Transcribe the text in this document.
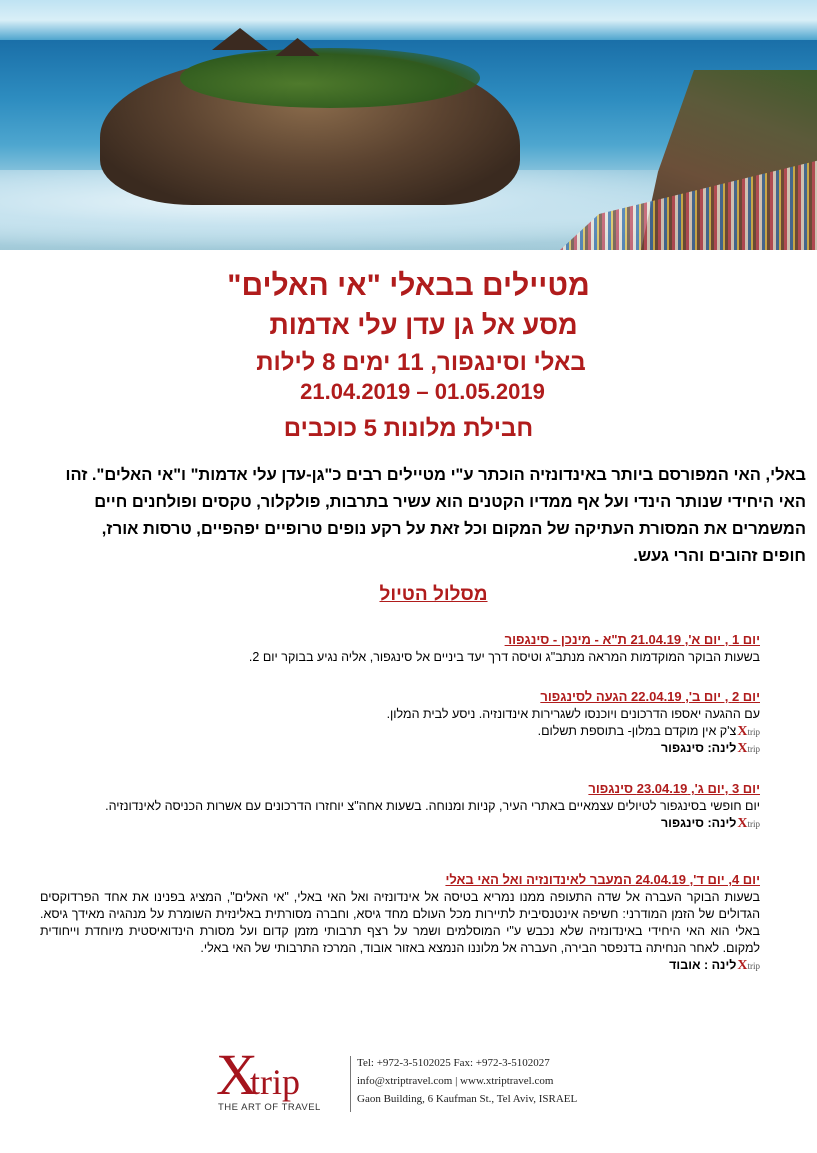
מטיילים בבאלי "אי האלים"
מסע אל גן עדן עלי אדמות
באלי וסינגפור, 11 ימים 8 לילות
21.04.2019 – 01.05.2019
חבילת מלונות 5 כוכבים

באלי, האי המפורסם ביותר באינדונזיה הוכתר ע"י מטיילים רבים כ"גן-עדן עלי אדמות" ו"אי האלים". זהו האי היחידי שנותר הינדי ועל אף ממדיו הקטנים הוא עשיר בתרבות, פולקלור, טקסים ופולחנים חיים המשמרים את המסורת העתיקה של המקום וכל זאת על רקע נופים טרופיים יפהפיים, טרסות אורז, חופים זהובים והרי געש.

מסלול הטיול
יום 1 , יום א', 21.04.19 ת"א - מינכן - סינגפור

בשעות הבוקר המוקדמות המראה מנתב"ג וטיסה דרך יעד ביניים אל סינגפור, אליה נגיע בבוקר יום 2.

יום 2 , יום ב', 22.04.19 הגעה לסינגפור

עם ההגעה יאספו הדרכונים ויוכנסו לשגרירות אינדונזיה. ניסע לבית המלון.

X trip
צ'ק אין מוקדם במלון- בתוספת תשלום.
X trip
לינה: סינגפור
יום 3 ,יום ג', 23.04.19 סינגפור

יום חופשי בסינגפור לטיולים עצמאיים באתרי העיר, קניות ומנוחה. בשעות אחה"צ יוחזרו הדרכונים עם אשרות הכניסה לאינדונזיה.

X trip
לינה: סינגפור
יום 4, יום ד', 24.04.19 המעבר לאינדונזיה ואל האי באלי

בשעות הבוקר העברה אל שדה התעופה ממנו נמריא בטיסה אל אינדונזיה ואל האי באלי, "אי האלים", המציג בפנינו את אחד הפרדוקסים הגדולים של הזמן המודרני: חשיפה אינטנסיבית לתיירות מכל העולם מחד גיסא, וחברה מסורתית באלינזית השומרת על מנהגיה מאידך גיסא. באלי הוא האי היחידי באינדונזיה שלא נכבש ע"י המוסלמים ושמר על רצף תרבותי מזמן קדום ועל מסורת הינדואיסטית מיוחדת וייחודית למקום. לאחר הנחיתה בדנפסר הבירה, העברה אל מלוננו הנמצא באזור אובוד, המרכז התרבותי של האי באלי.

X trip
לינה : אובוד
X
trip
THE ART OF TRAVEL
Tel: +972-3-5102025 Fax: +972-3-5102027
info@xtriptravel.com | www.xtriptravel.com
Gaon Building, 6 Kaufman St., Tel Aviv, ISRAEL
